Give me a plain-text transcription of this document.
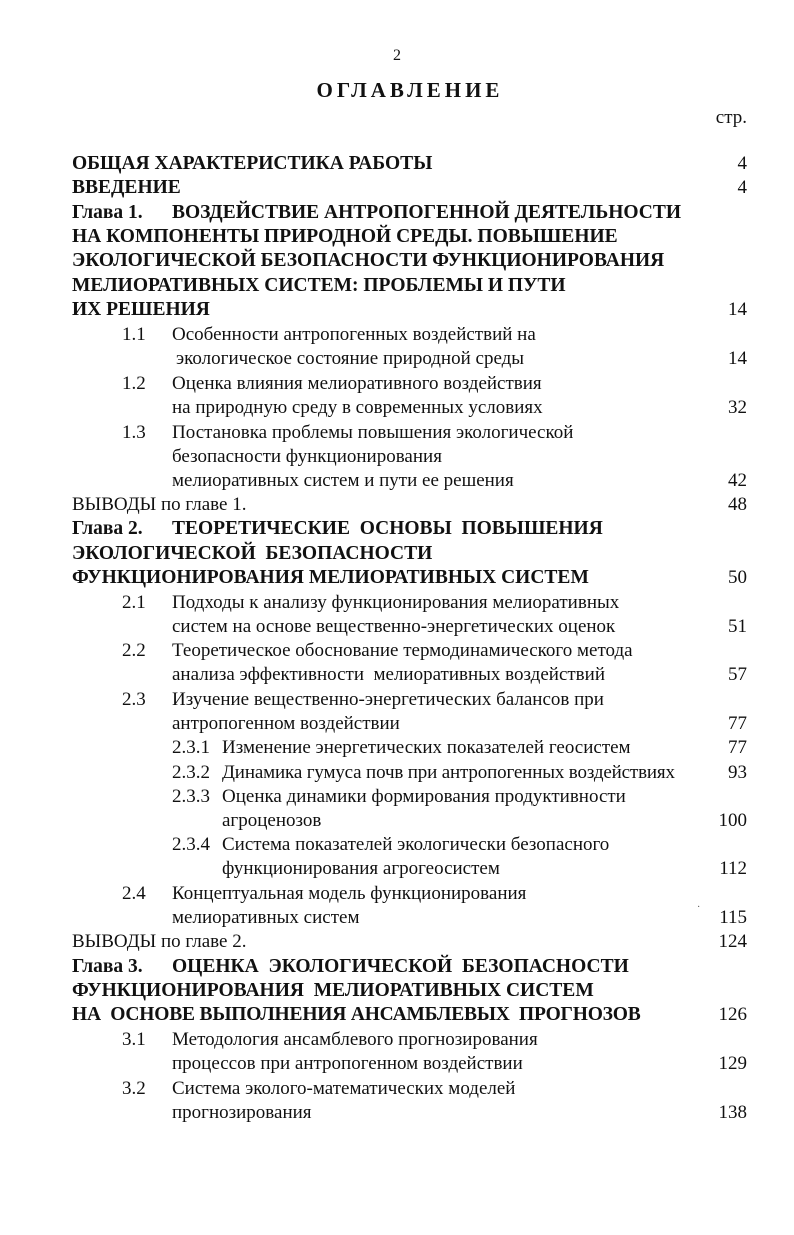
2
ОГЛАВЛЕНИЕ
стр.
ОБЩАЯ ХАРАКТЕРИСТИКА РАБОТЫ	4
ВВЕДЕНИЕ	4
Глава 1. ВОЗДЕЙСТВИЕ АНТРОПОГЕННОЙ ДЕЯТЕЛЬНОСТИ
НА КОМПОНЕНТЫ ПРИРОДНОЙ СРЕДЫ. ПОВЫШЕНИЕ
ЭКОЛОГИЧЕСКОЙ БЕЗОПАСНОСТИ ФУНКЦИОНИРОВАНИЯ
МЕЛИОРАТИВНЫХ СИСТЕМ: ПРОБЛЕМЫ И ПУТИ
ИХ РЕШЕНИЯ	14
1.1 Особенности антропогенных воздействий на
экологическое состояние природной среды	14
1.2 Оценка влияния мелиоративного воздействия
на природную среду в современных условиях	32
1.3 Постановка проблемы повышения экологической
безопасности функционирования
мелиоративных систем и пути ее решения	42
ВЫВОДЫ по главе 1.	48
Глава 2. ТЕОРЕТИЧЕСКИЕ  ОСНОВЫ  ПОВЫШЕНИЯ
ЭКОЛОГИЧЕСКОЙ  БЕЗОПАСНОСТИ
ФУНКЦИОНИРОВАНИЯ МЕЛИОРАТИВНЫХ СИСТЕМ	50
2.1 Подходы к анализу функционирования мелиоративных
систем на основе вещественно-энергетических оценок	51
2.2 Теоретическое обоснование термодинамического метода
анализа эффективности  мелиоративных воздействий	57
2.3 Изучение вещественно-энергетических балансов при
антропогенном воздействии	77
2.3.1 Изменение энергетических показателей геосистем	77
2.3.2 Динамика гумуса почв при антропогенных воздействиях	93
2.3.3 Оценка динамики формирования продуктивности
агроценозов	100
2.3.4 Система показателей экологически безопасного
функционирования агрогеосистем	112
2.4 Концептуальная модель функционирования
мелиоративных систем	115
ВЫВОДЫ по главе 2.	124
Глава 3. ОЦЕНКА  ЭКОЛОГИЧЕСКОЙ  БЕЗОПАСНОСТИ
ФУНКЦИОНИРОВАНИЯ  МЕЛИОРАТИВНЫХ СИСТЕМ
НА  ОСНОВЕ ВЫПОЛНЕНИЯ АНСАМБЛЕВЫХ  ПРОГНОЗОВ	126
3.1 Методология ансамблевого прогнозирования
процессов при антропогенном воздействии	129
3.2 Система эколого-математических моделей
прогнозирования	138
·
